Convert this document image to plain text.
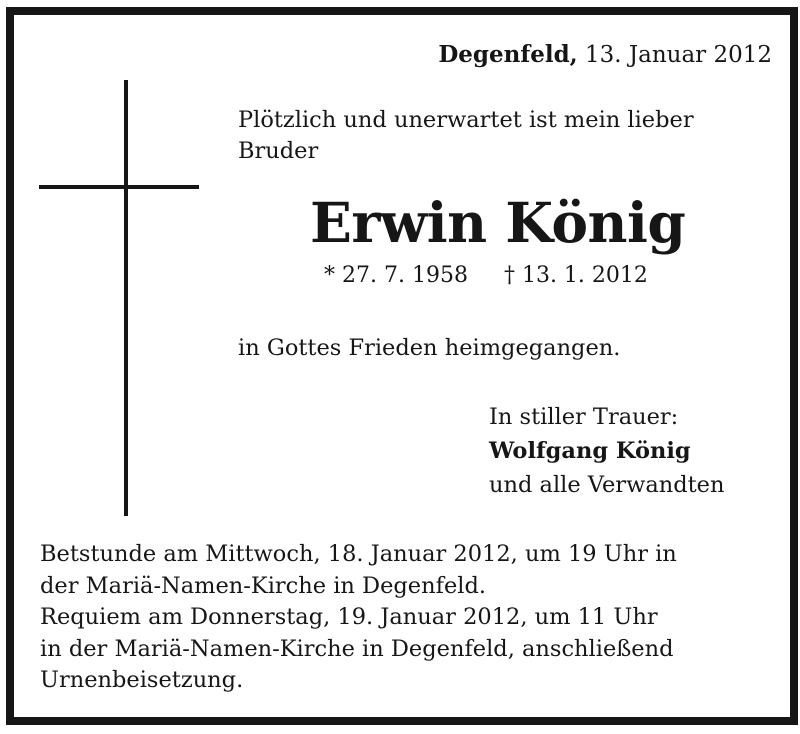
Degenfeld, 13. Januar 2012
Plötzlich und unerwartet ist mein lieber
Bruder
Erwin König
* 27. 7. 1958 † 13. 1. 2012
in Gottes Frieden heimgegangen.
In stiller Trauer:
Wolfgang König
und alle Verwandten
Betstunde am Mittwoch, 18. Januar 2012, um 19 Uhr in
der Mariä-Namen-Kirche in Degenfeld.
Requiem am Donnerstag, 19. Januar 2012, um 11 Uhr
in der Mariä-Namen-Kirche in Degenfeld, anschließend
Urnenbeisetzung.
